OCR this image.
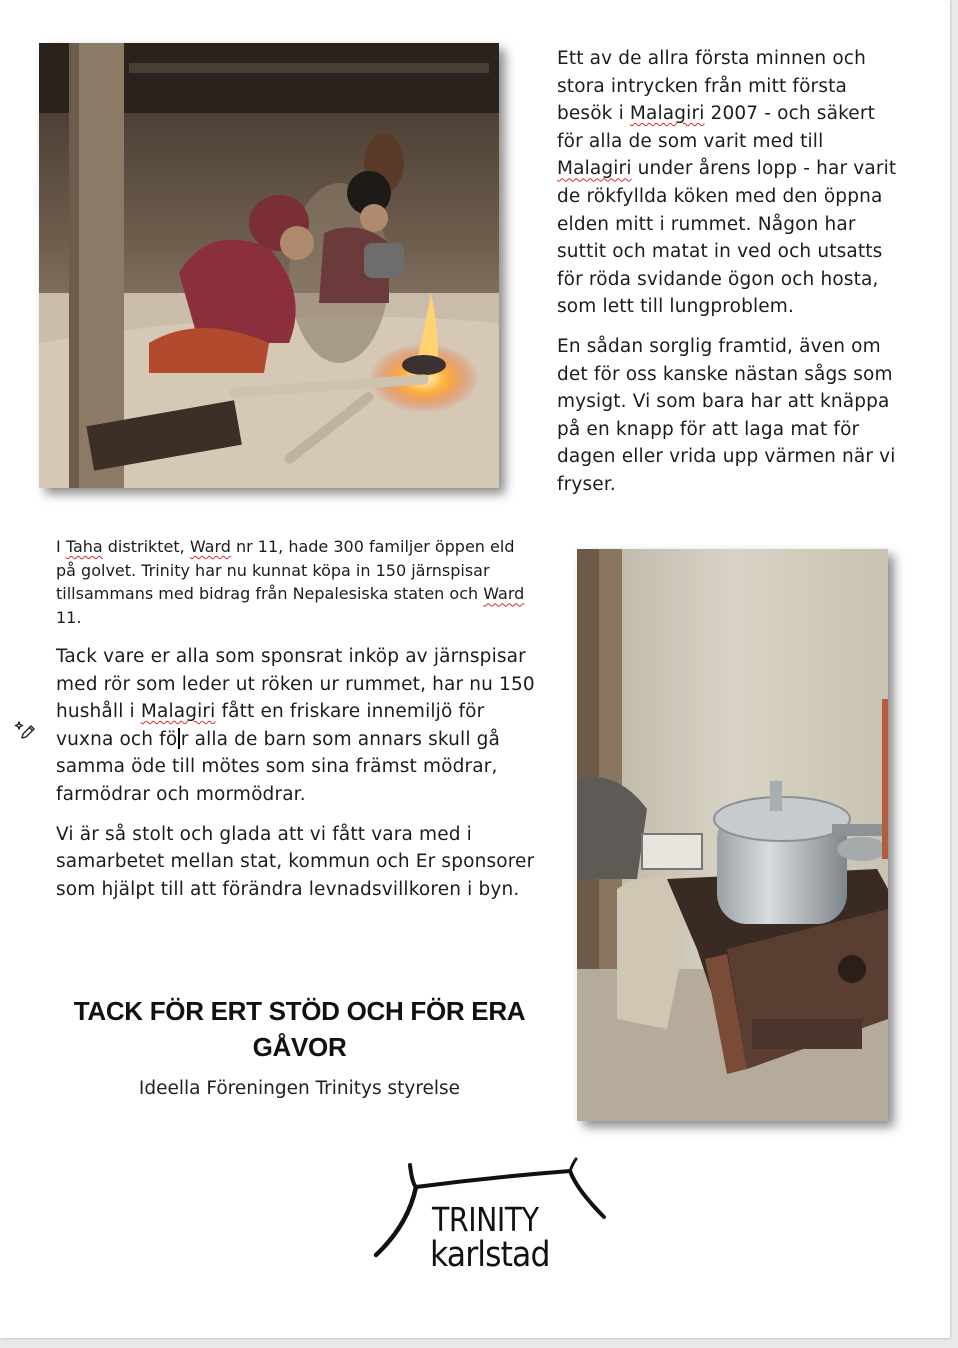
Ett av de allra första minnen och stora intrycken från mitt första besök i Malagiri 2007 - och säkert för alla de som varit med till Malagiri under årens lopp - har varit de rökfyllda köken med den öppna elden mitt i rummet. Någon har suttit och matat in ved och utsatts för röda svidande ögon och hosta, som lett till lungproblem.

En sådan sorglig framtid, även om det för oss kanske nästan sågs som mysigt. Vi som bara har att knäppa på en knapp för att laga mat för dagen eller vrida upp värmen när vi fryser.

I Taha distriktet, Ward nr 11, hade 300 familjer öppen eld på golvet. Trinity har nu kunnat köpa in 150 järnspisar tillsammans med bidrag från Nepalesiska staten och Ward 11.

Tack vare er alla som sponsrat inköp av järnspisar med rör som leder ut röken ur rummet, har nu 150 hushåll i Malagiri fått en friskare innemiljö för vuxna och fö r alla de barn som annars skull gå samma öde till mötes som sina främst mödrar, farmödrar och mormödrar.

Vi är så stolt och glada att vi fått vara med i samarbetet mellan stat, kommun och Er sponsorer som hjälpt till att förändra levnadsvillkoren i byn.

TACK FÖR ERT STÖD OCH FÖR ERA GÅVOR
Ideella Föreningen Trinitys styrelse
TRINITY
karlstad
